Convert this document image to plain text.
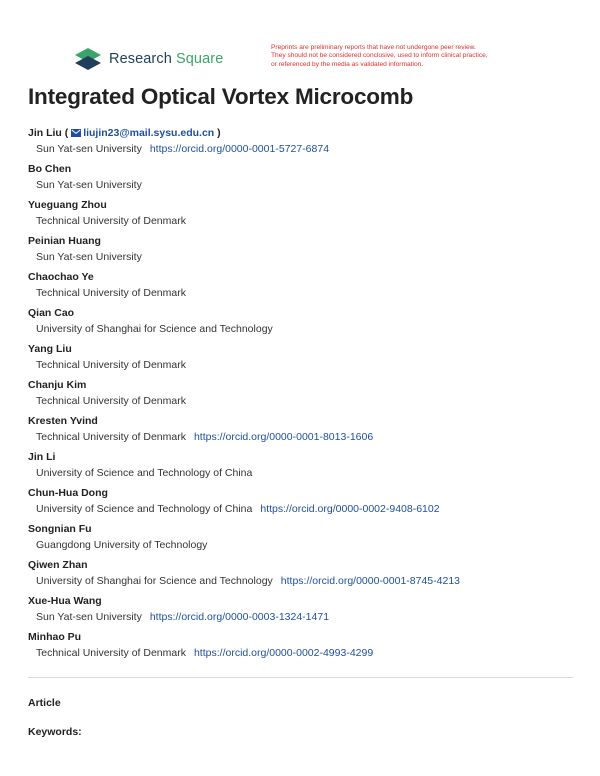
Research Square
Preprints are preliminary reports that have not undergone peer review.
They should not be considered conclusive, used to inform clinical practice,
or referenced by the media as validated information.
Integrated Optical Vortex Microcomb
Jin Liu ( liujin23@mail.sysu.edu.cn )
Sun Yat-sen University https://orcid.org/0000-0001-5727-6874
Bo Chen
Sun Yat-sen University
Yueguang Zhou
Technical University of Denmark
Peinian Huang
Sun Yat-sen University
Chaochao Ye
Technical University of Denmark
Qian Cao
University of Shanghai for Science and Technology
Yang Liu
Technical University of Denmark
Chanju Kim
Technical University of Denmark
Kresten Yvind
Technical University of Denmark https://orcid.org/0000-0001-8013-1606
Jin Li
University of Science and Technology of China
Chun-Hua Dong
University of Science and Technology of China https://orcid.org/0000-0002-9408-6102
Songnian Fu
Guangdong University of Technology
Qiwen Zhan
University of Shanghai for Science and Technology https://orcid.org/0000-0001-8745-4213
Xue-Hua Wang
Sun Yat-sen University https://orcid.org/0000-0003-1324-1471
Minhao Pu
Technical University of Denmark https://orcid.org/0000-0002-4993-4299
Article
Keywords:
